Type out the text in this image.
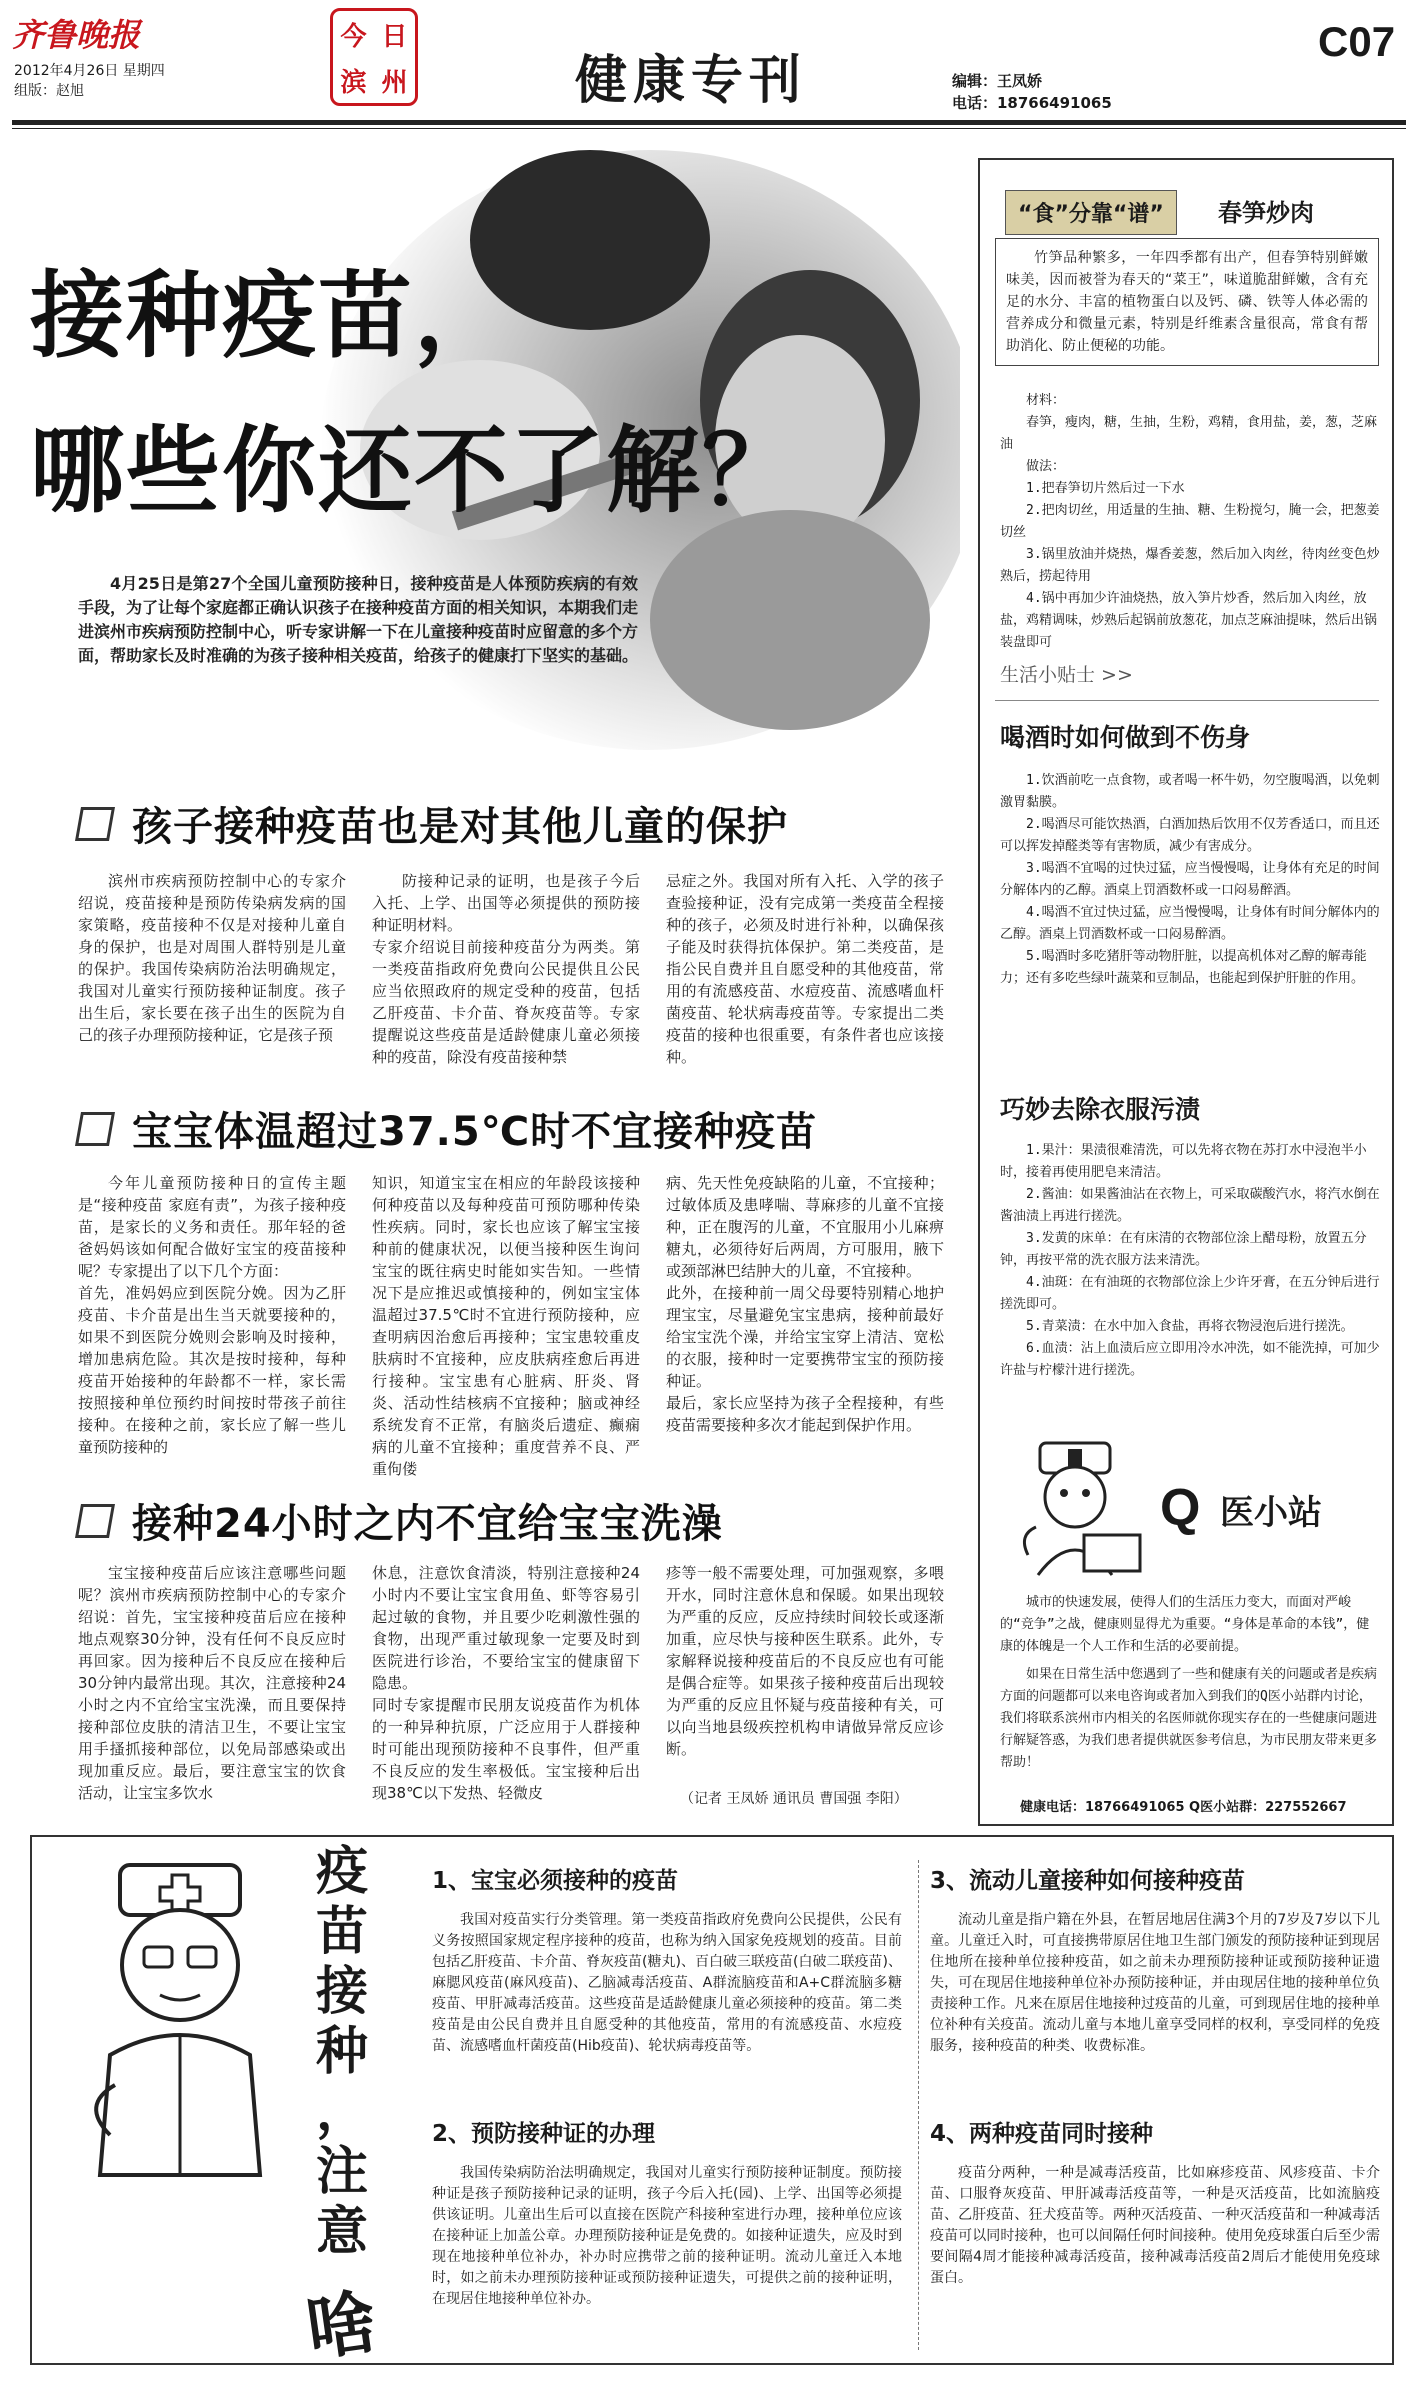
齐鲁晚报
2012年4月26日 星期四
组版：赵旭
今 日
滨 州	健康专刊	编辑：王凤娇
电话：18766491065
C07
接种疫苗，
哪些你还不了解？
4月25日是第27个全国儿童预防接种日，接种疫苗是人体预防疾病的有效手段，为了让每个家庭都正确认识孩子在接种疫苗方面的相关知识，本期我们走进滨州市疾病预防控制中心，听专家讲解一下在儿童接种疫苗时应留意的多个方面，帮助家长及时准确的为孩子接种相关疫苗，给孩子的健康打下坚实的基础。
孩子接种疫苗也是对其他儿童的保护
滨州市疾病预防控制中心的专家介绍说，疫苗接种是预防传染病发病的国家策略，疫苗接种不仅是对接种儿童自身的保护，也是对周围人群特别是儿童的保护。我国传染病防治法明确规定，我国对儿童实行预防接种证制度。孩子出生后，家长要在孩子出生的医院为自己的孩子办理预防接种证，它是孩子预
防接种记录的证明，也是孩子今后入托、上学、出国等必须提供的预防接种证明材料。
专家介绍说目前接种疫苗分为两类。第一类疫苗指政府免费向公民提供且公民应当依照政府的规定受种的疫苗，包括乙肝疫苗、卡介苗、脊灰疫苗等。专家提醒说这些疫苗是适龄健康儿童必须接种的疫苗，除没有疫苗接种禁
忌症之外。我国对所有入托、入学的孩子查验接种证，没有完成第一类疫苗全程接种的孩子，必须及时进行补种，以确保孩子能及时获得抗体保护。第二类疫苗，是指公民自费并且自愿受种的其他疫苗，常用的有流感疫苗、水痘疫苗、流感嗜血杆菌疫苗、轮状病毒疫苗等。专家提出二类疫苗的接种也很重要，有条件者也应该接种。
宝宝体温超过37.5℃时不宜接种疫苗
今年儿童预防接种日的宣传主题是“接种疫苗 家庭有责”，为孩子接种疫苗，是家长的义务和责任。那年轻的爸爸妈妈该如何配合做好宝宝的疫苗接种呢？专家提出了以下几个方面：
首先，准妈妈应到医院分娩。因为乙肝疫苗、卡介苗是出生当天就要接种的，如果不到医院分娩则会影响及时接种，增加患病危险。其次是按时接种，每种疫苗开始接种的年龄都不一样，家长需按照接种单位预约时间按时带孩子前往接种。在接种之前，家长应了解一些儿童预防接种的
知识，知道宝宝在相应的年龄段该接种何种疫苗以及每种疫苗可预防哪种传染性疾病。同时，家长也应该了解宝宝接种前的健康状况，以便当接种医生询问宝宝的既往病史时能如实告知。一些情况下是应推迟或慎接种的，例如宝宝体温超过37.5℃时不宜进行预防接种，应查明病因治愈后再接种；宝宝患较重皮肤病时不宜接种，应皮肤病痊愈后再进行接种。宝宝患有心脏病、肝炎、肾炎、活动性结核病不宜接种；脑或神经系统发育不正常，有脑炎后遗症、癫痫病的儿童不宜接种；重度营养不良、严重佝偻
病、先天性免疫缺陷的儿童，不宜接种；过敏体质及患哮喘、荨麻疹的儿童不宜接种，正在腹泻的儿童，不宜服用小儿麻痹糖丸，必须待好后两周，方可服用，腋下或颈部淋巴结肿大的儿童，不宜接种。
此外，在接种前一周父母要特别精心地护理宝宝，尽量避免宝宝患病，接种前最好给宝宝洗个澡，并给宝宝穿上清洁、宽松的衣服，接种时一定要携带宝宝的预防接种证。
最后，家长应坚持为孩子全程接种，有些疫苗需要接种多次才能起到保护作用。
接种24小时之内不宜给宝宝洗澡
宝宝接种疫苗后应该注意哪些问题呢？滨州市疾病预防控制中心的专家介绍说：首先，宝宝接种疫苗后应在接种地点观察30分钟，没有任何不良反应时再回家。因为接种后不良反应在接种后30分钟内最常出现。其次，注意接种24小时之内不宜给宝宝洗澡，而且要保持接种部位皮肤的清洁卫生，不要让宝宝用手搔抓接种部位，以免局部感染或出现加重反应。最后，要注意宝宝的饮食活动，让宝宝多饮水
休息，注意饮食清淡，特别注意接种24小时内不要让宝宝食用鱼、虾等容易引起过敏的食物，并且要少吃刺激性强的食物，出现严重过敏现象一定要及时到医院进行诊治，不要给宝宝的健康留下隐患。
同时专家提醒市民朋友说疫苗作为机体的一种异种抗原，广泛应用于人群接种时可能出现预防接种不良事件，但严重不良反应的发生率极低。宝宝接种后出现38℃以下发热、轻微皮
疹等一般不需要处理，可加强观察，多喂开水，同时注意休息和保暖。如果出现较为严重的反应，反应持续时间较长或逐渐加重，应尽快与接种医生联系。此外，专家解释说接种疫苗后的不良反应也有可能是偶合症等。如果孩子接种疫苗后出现较为严重的反应且怀疑与疫苗接种有关，可以向当地县级疾控机构申请做异常反应诊断。
（记者 王凤娇 通讯员 曹国强 李阳）
“食”分靠“谱”	春笋炒肉
竹笋品种繁多，一年四季都有出产，但春笋特别鲜嫩味美，因而被誉为春天的“菜王”，味道脆甜鲜嫩，含有充足的水分、丰富的植物蛋白以及钙、磷、铁等人体必需的营养成分和微量元素，特别是纤维素含量很高，常食有帮助消化、防止便秘的功能。
材料：
春笋，瘦肉，糖，生抽，生粉，鸡精，食用盐，姜，葱，芝麻油
做法：
1.把春笋切片然后过一下水
2.把肉切丝，用适量的生抽、糖、生粉搅匀，腌一会，把葱姜切丝
3.锅里放油并烧热，爆香姜葱，然后加入肉丝，待肉丝变色炒熟后，捞起待用
4.锅中再加少许油烧热，放入笋片炒香，然后加入肉丝，放盐，鸡精调味，炒熟后起锅前放葱花，加点芝麻油提味，然后出锅装盘即可
生活小贴士 >>
喝酒时如何做到不伤身
1.饮酒前吃一点食物，或者喝一杯牛奶，勿空腹喝酒，以免刺激胃黏膜。
2.喝酒尽可能饮热酒，白酒加热后饮用不仅芳香适口，而且还可以挥发掉醛类等有害物质，减少有害成分。
3.喝酒不宜喝的过快过猛，应当慢慢喝，让身体有充足的时间分解体内的乙醇。酒桌上罚酒数杯或一口闷易醉酒。
4.喝酒不宜过快过猛，应当慢慢喝，让身体有时间分解体内的乙醇。酒桌上罚酒数杯或一口闷易醉酒。
5.喝酒时多吃猪肝等动物肝脏，以提高机体对乙醇的解毒能力；还有多吃些绿叶蔬菜和豆制品，也能起到保护肝脏的作用。
巧妙去除衣服污渍
1.果汁：果渍很难清洗，可以先将衣物在苏打水中浸泡半小时，接着再使用肥皂来清洁。
2.酱油：如果酱油沾在衣物上，可采取碳酸汽水，将汽水倒在酱油渍上再进行搓洗。
3.发黄的床单：在有床清的衣物部位涂上醋母粉，放置五分钟，再按平常的洗衣服方法来清洗。
4.油斑：在有油斑的衣物部位涂上少许牙膏，在五分钟后进行搓洗即可。
5.青菜渍：在水中加入食盐，再将衣物浸泡后进行搓洗。
6.血渍：沾上血渍后应立即用冷水冲洗，如不能洗掉，可加少许盐与柠檬汁进行搓洗。
Q 医小站
城市的快速发展，使得人们的生活压力变大，而面对严峻的“竞争”之战，健康则显得尤为重要。“身体是革命的本钱”，健康的体魄是一个人工作和生活的必要前提。
如果在日常生活中您遇到了一些和健康有关的问题或者是疾病方面的问题都可以来电咨询或者加入到我们的Q医小站群内讨论，我们将联系滨州市内相关的名医师就你现实存在的一些健康问题进行解疑答惑，为我们患者提供就医参考信息，为市民朋友带来更多帮助！
健康电话：18766491065 Q医小站群：227552667
疫
苗
接
种
，
注
意
啥
1、宝宝必须接种的疫苗
我国对疫苗实行分类管理。第一类疫苗指政府免费向公民提供，公民有义务按照国家规定程序接种的疫苗，也称为纳入国家免疫规划的疫苗。目前包括乙肝疫苗、卡介苗、脊灰疫苗(糖丸)、百白破三联疫苗(白破二联疫苗)、麻腮风疫苗(麻风疫苗)、乙脑减毒活疫苗、A群流脑疫苗和A+C群流脑多糖疫苗、甲肝减毒活疫苗。这些疫苗是适龄健康儿童必须接种的疫苗。第二类疫苗是由公民自费并且自愿受种的其他疫苗，常用的有流感疫苗、水痘疫苗、流感嗜血杆菌疫苗(Hib疫苗)、轮状病毒疫苗等。
2、预防接种证的办理
我国传染病防治法明确规定，我国对儿童实行预防接种证制度。预防接种证是孩子预防接种记录的证明，孩子今后入托(园)、上学、出国等必须提供该证明。儿童出生后可以直接在医院产科接种室进行办理，接种单位应该在接种证上加盖公章。办理预防接种证是免费的。如接种证遗失，应及时到现在地接种单位补办，补办时应携带之前的接种证明。流动儿童迁入本地时，如之前未办理预防接种证或预防接种证遗失，可提供之前的接种证明，在现居住地接种单位补办。
3、流动儿童接种如何接种疫苗
流动儿童是指户籍在外县，在暂居地居住满3个月的7岁及7岁以下儿童。儿童迁入时，可直接携带原居住地卫生部门颁发的预防接种证到现居住地所在接种单位接种疫苗，如之前未办理预防接种证或预防接种证遗失，可在现居住地接种单位补办预防接种证，并由现居住地的接种单位负责接种工作。凡来在原居住地接种过疫苗的儿童，可到现居住地的接种单位补种有关疫苗。流动儿童与本地儿童享受同样的权利，享受同样的免疫服务，接种疫苗的种类、收费标准。
4、两种疫苗同时接种
疫苗分两种，一种是减毒活疫苗，比如麻疹疫苗、风疹疫苗、卡介苗、口服脊灰疫苗、甲肝减毒活疫苗等，一种是灭活疫苗，比如流脑疫苗、乙肝疫苗、狂犬疫苗等。两种灭活疫苗、一种灭活疫苗和一种减毒活疫苗可以同时接种，也可以间隔任何时间接种。使用免疫球蛋白后至少需要间隔4周才能接种减毒活疫苗，接种减毒活疫苗2周后才能使用免疫球蛋白。
